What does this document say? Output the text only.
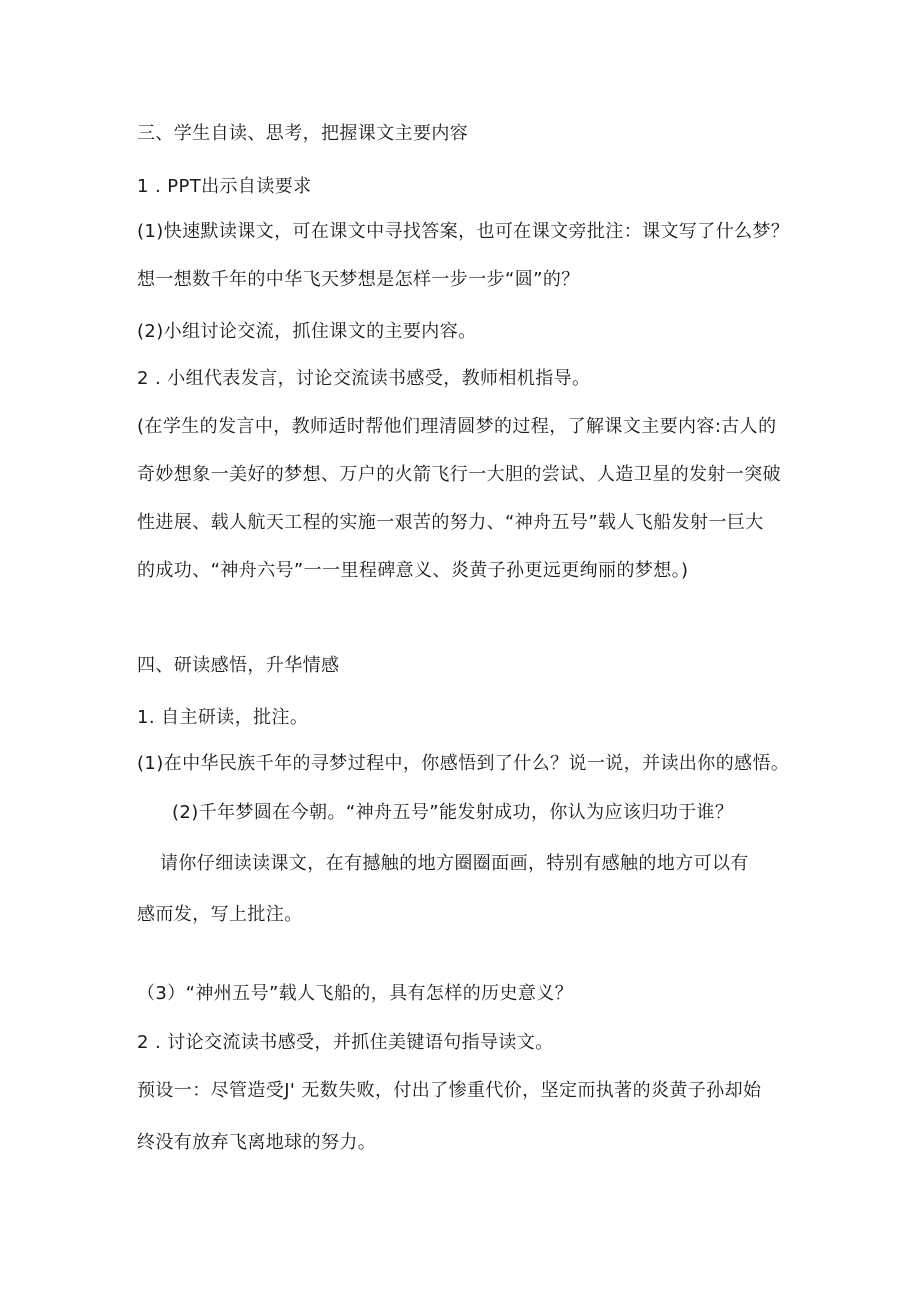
三、学生自读、思考，把握课文主要内容
1 . PPT出示自读要求
(1)快速默读课文，可在课文中寻找答案，也可在课文旁批注：课文写了什么梦？
想一想数千年的中华飞天梦想是怎样一步一步“圆”的？
(2)小组讨论交流，抓住课文的主要内容。
2 . 小组代表发言，讨论交流读书感受，教师相机指导。
(在学生的发言中，教师适时帮他们理清圆梦的过程，了解课文主要内容:古人的
奇妙想象一美好的梦想、万户的火箭飞行一大胆的尝试、人造卫星的发射一突破
性进展、载人航天工程的实施一艰苦的努力、“神舟五号”载人飞船发射一巨大
的成功、“神舟六号”一一里程碑意义、炎黄子孙更远更绚丽的梦想。)
四、研读感悟，升华情感
1. 自主研读，批注。
(1)在中华民族千年的寻梦过程中，你感悟到了什么？说一说，并读出你的感悟。
(2)千年梦圆在今朝。“神舟五号”能发射成功，你认为应该归功于谁？
请你仔细读读课文，在有撼触的地方圈圈面画，特别有感触的地方可以有
感而发，写上批注。
（3）“神州五号”载人飞船的，具有怎样的历史意义？
2 . 讨论交流读书感受，并抓住美键语句指导读文。
预设一：尽管造受J' 无数失败，付出了惨重代价，坚定而执著的炎黄子孙却始
终没有放弃飞离地球的努力。
